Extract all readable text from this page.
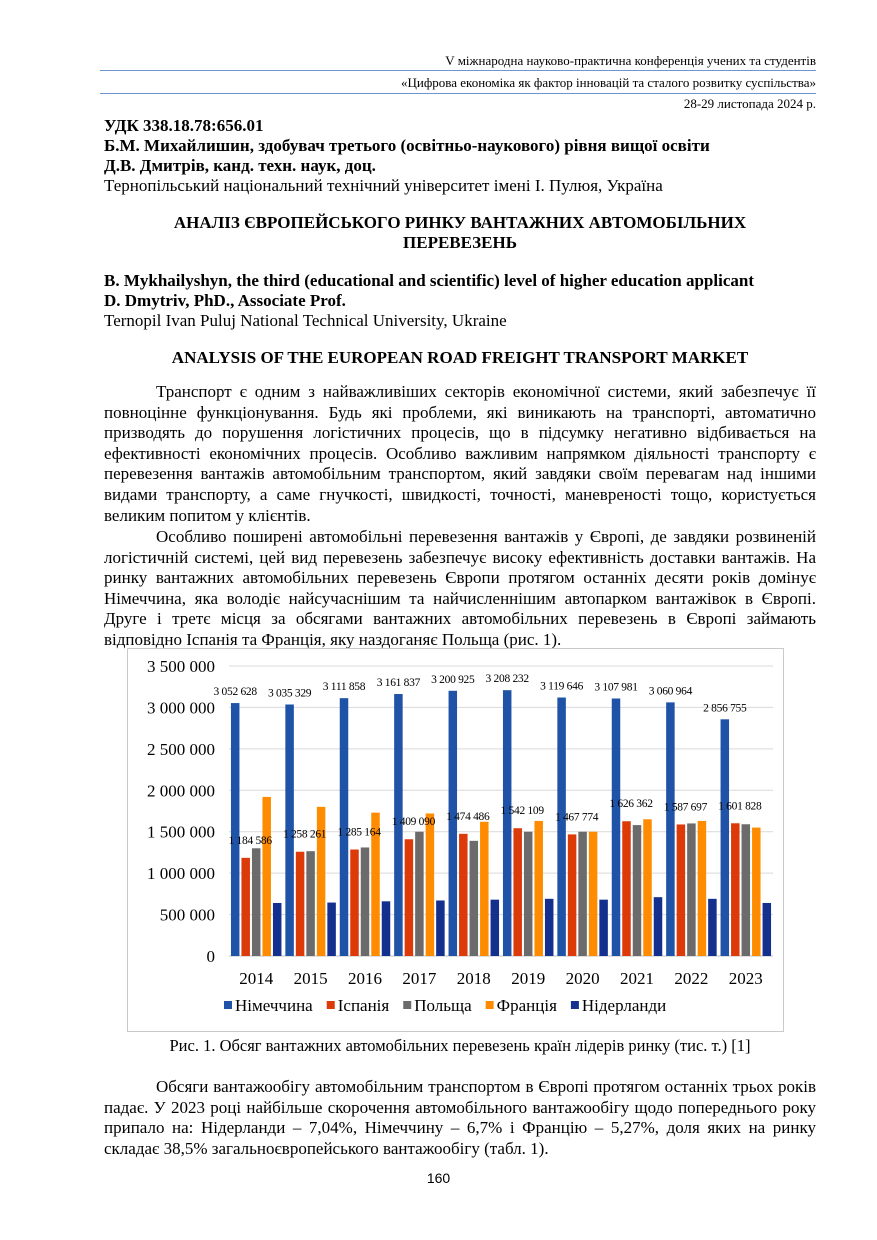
V міжнародна науково-практична конференція учених та студентів
«Цифрова економіка як фактор інновацій та сталого розвитку суспільства»
28-29 листопада 2024 р.
УДК 338.18.78:656.01
Б.М. Михайлишин, здобувач третього (освітньо-наукового) рівня вищої освіти
Д.В. Дмитрів, канд. техн. наук, доц.
Тернопільський національний технічний університет імені І. Пулюя, Україна
АНАЛІЗ ЄВРОПЕЙСЬКОГО РИНКУ ВАНТАЖНИХ АВТОМОБІЛЬНИХ
ПЕРЕВЕЗЕНЬ
B. Mykhailyshyn, the third (educational and scientific) level of higher education applicant
D. Dmytriv, PhD., Associate Prof.
Ternopil Ivan Puluj National Technical University, Ukraine
ANALYSIS OF THE EUROPEAN ROAD FREIGHT TRANSPORT MARKET
Транспорт є одним з найважливіших секторів економічної системи, який забезпечує її повноцінне функціонування. Будь які проблеми, які виникають на транспорті, автоматично призводять до порушення логістичних процесів, що в підсумку негативно відбивається на ефективності економічних процесів. Особливо важливим напрямком діяльності транспорту є перевезення вантажів автомобільним транспортом, який завдяки своїм перевагам над іншими видами транспорту, а саме гнучкості, швидкості, точності, маневреності тощо, користується великим попитом у клієнтів.
Особливо поширені автомобільні перевезення вантажів у Європі, де завдяки розвиненій логістичній системі, цей вид перевезень забезпечує високу ефективність доставки вантажів. На ринку вантажних автомобільних перевезень Європи протягом останніх десяти років домінує Німеччина, яка володіє найсучаснішим та найчисленнішим автопарком вантажівок в Європі. Друге і третє місця за обсягами вантажних автомобільних перевезень в Європі займають відповідно Іспанія та Франція, яку наздоганяє Польща (рис. 1).
0
500 000
1 000 000
1 500 000
2 000 000
2 500 000
3 000 000
3 500 000
2014
3 052 628
1 184 586
2015
3 035 329
1 258 261
2016
3 111 858
1 285 164
2017
3 161 837
1 409 090
2018
3 200 925
1 474 486
2019
3 208 232
1 542 109
2020
3 119 646
1 467 774
2021
3 107 981
1 626 362
2022
3 060 964
1 587 697
2023
2 856 755
1 601 828
Німеччина Іспанія Польща Франція Нідерланди
Рис. 1. Обсяг вантажних автомобільних перевезень країн лідерів ринку (тис. т.) [1]
Обсяги вантажообігу автомобільним транспортом в Європі протягом останніх трьох років падає. У 2023 році найбільше скорочення автомобільного вантажообігу щодо попереднього року припало на: Нідерланди – 7,04%, Німеччину – 6,7% і Францію – 5,27%, доля яких на ринку складає 38,5% загальноєвропейського вантажообігу (табл. 1).
160
